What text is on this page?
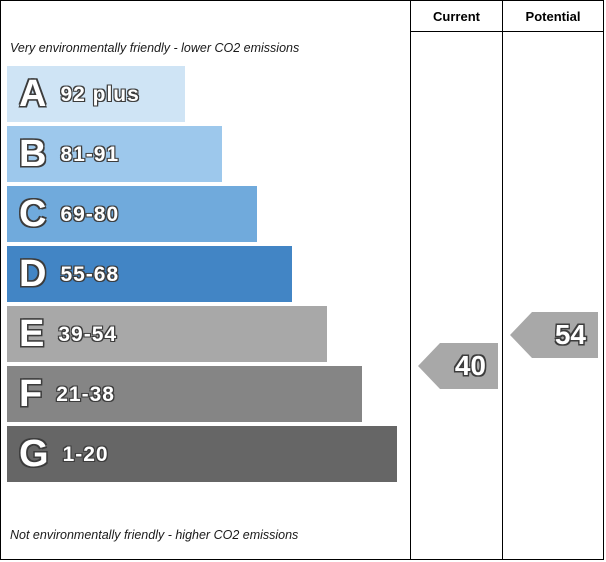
Current	Potential
Very environmentally friendly - lower CO2 emissions
Not environmentally friendly - higher CO2 emissions
A 92 plus
B 81-91
C 69-80
D 55-68
E 39-54
F 21-38
G 1-20
40
54
